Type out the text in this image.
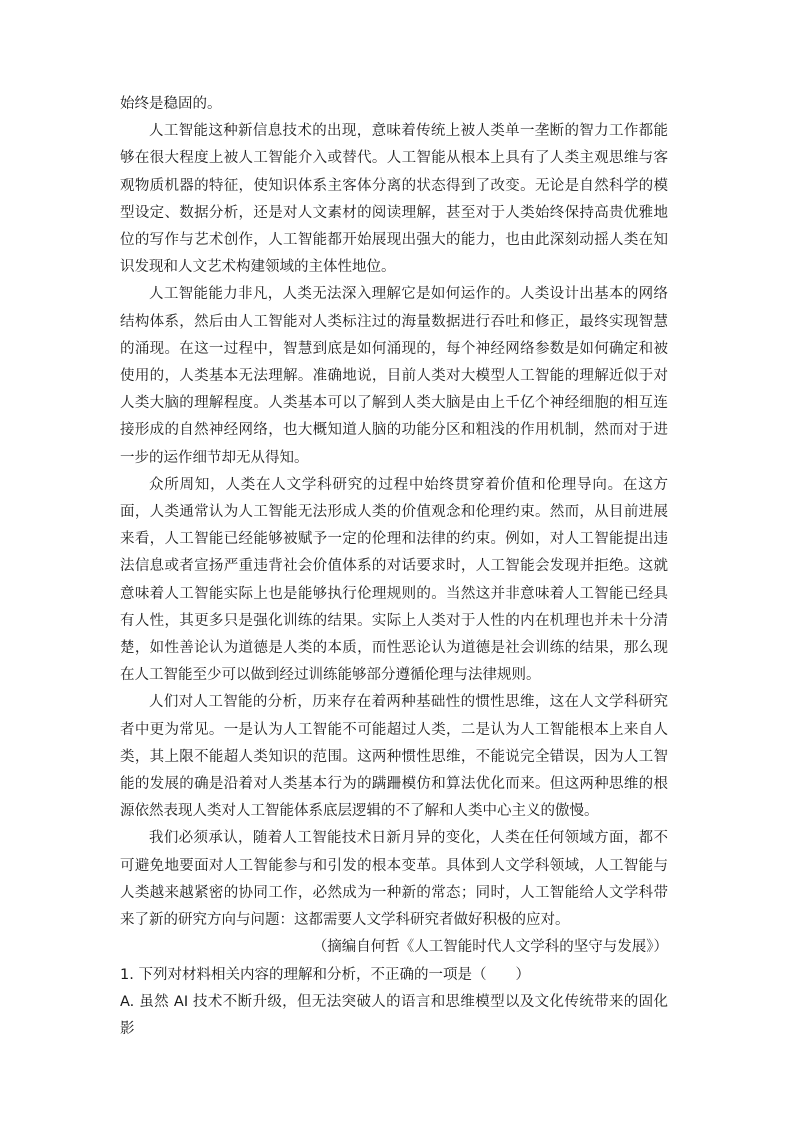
始终是稳固的。

人工智能这种新信息技术的出现，意味着传统上被人类单一垄断的智力工作都能够在很大程度上被人工智能介入或替代。人工智能从根本上具有了人类主观思维与客观物质机器的特征，使知识体系主客体分离的状态得到了改变。无论是自然科学的模型设定、数据分析，还是对人文素材的阅读理解，甚至对于人类始终保持高贵优雅地位的写作与艺术创作，人工智能都开始展现出强大的能力，也由此深刻动摇人类在知识发现和人文艺术构建领域的主体性地位。

人工智能能力非凡，人类无法深入理解它是如何运作的。人类设计出基本的网络结构体系，然后由人工智能对人类标注过的海量数据进行吞吐和修正，最终实现智慧的涌现。在这一过程中，智慧到底是如何涌现的，每个神经网络参数是如何确定和被使用的，人类基本无法理解。准确地说，目前人类对大模型人工智能的理解近似于对人类大脑的理解程度。人类基本可以了解到人类大脑是由上千亿个神经细胞的相互连接形成的自然神经网络，也大概知道人脑的功能分区和粗浅的作用机制，然而对于进一步的运作细节却无从得知。

众所周知，人类在人文学科研究的过程中始终贯穿着价值和伦理导向。在这方面，人类通常认为人工智能无法形成人类的价值观念和伦理约束。然而，从目前进展来看，人工智能已经能够被赋予一定的伦理和法律的约束。例如，对人工智能提出违法信息或者宣扬严重违背社会价值体系的对话要求时，人工智能会发现并拒绝。这就意味着人工智能实际上也是能够执行伦理规则的。当然这并非意味着人工智能已经具有人性，其更多只是强化训练的结果。实际上人类对于人性的内在机理也并未十分清楚，如性善论认为道德是人类的本质，而性恶论认为道德是社会训练的结果，那么现在人工智能至少可以做到经过训练能够部分遵循伦理与法律规则。

人们对人工智能的分析，历来存在着两种基础性的惯性思维，这在人文学科研究者中更为常见。一是认为人工智能不可能超过人类，二是认为人工智能根本上来自人类，其上限不能超人类知识的范围。这两种惯性思维，不能说完全错误，因为人工智能的发展的确是沿着对人类基本行为的蹒跚模仿和算法优化而来。但这两种思维的根源依然表现人类对人工智能体系底层逻辑的不了解和人类中心主义的傲慢。

我们必须承认，随着人工智能技术日新月异的变化，人类在任何领域方面，都不可避免地要面对人工智能参与和引发的根本变革。具体到人文学科领域，人工智能与人类越来越紧密的协同工作，必然成为一种新的常态；同时，人工智能给人文学科带来了新的研究方向与问题：这都需要人文学科研究者做好积极的应对。

（摘编自何哲《人工智能时代人文学科的坚守与发展》）

1. 下列对材料相关内容的理解和分析，不正确的一项是（　　）

A. 虽然 AI 技术不断升级，但无法突破人的语言和思维模型以及文化传统带来的固化影
